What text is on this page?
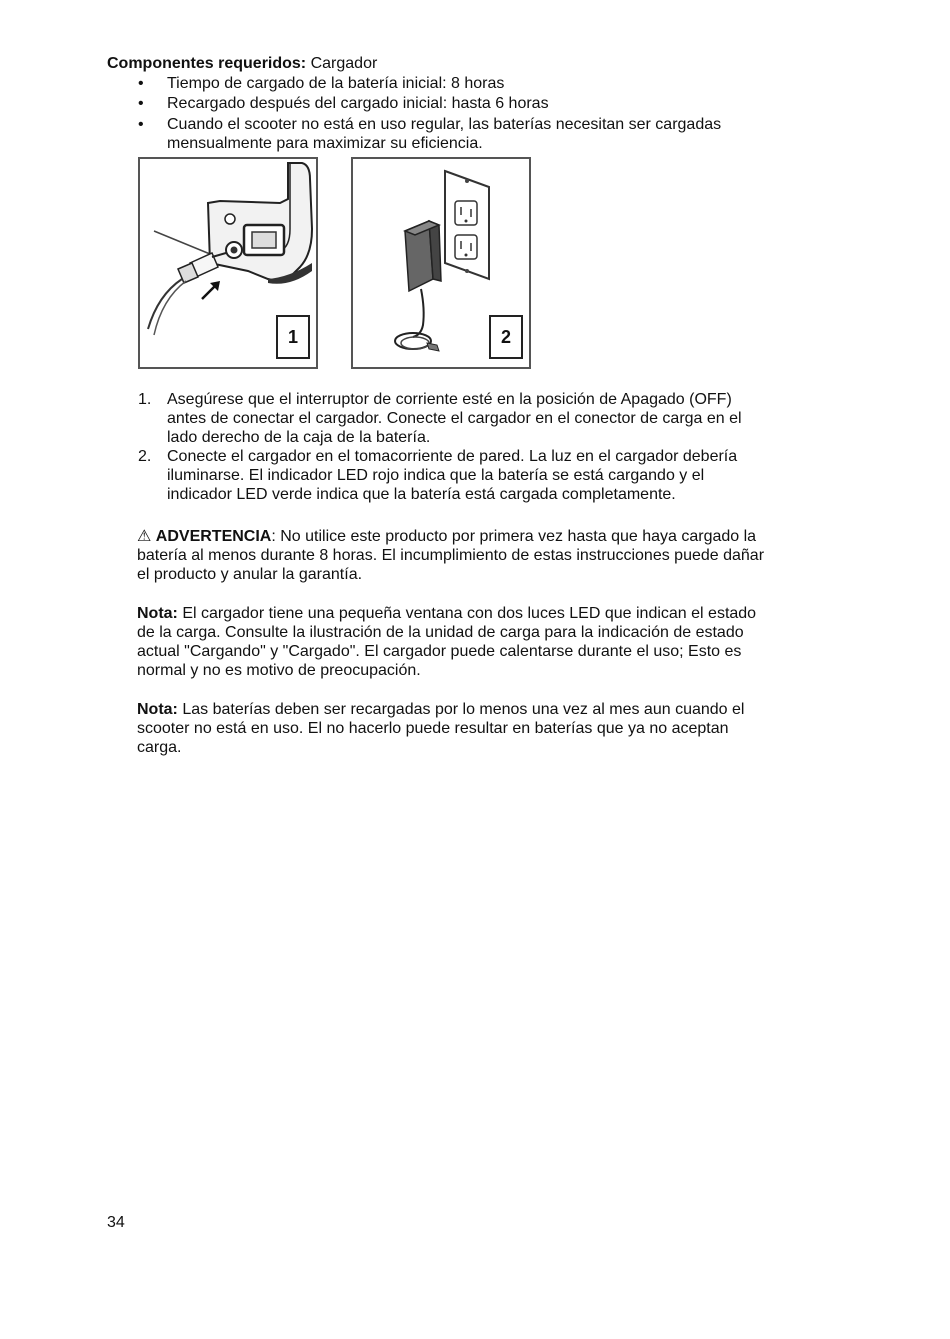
Componentes requeridos: Cargador
• Tiempo de cargado de la batería inicial: 8 horas
• Recargado después del cargado inicial: hasta 6 horas
• Cuando el scooter no está en uso regular, las baterías necesitan ser cargadas
mensualmente para maximizar su eficiencia.
1	2
1. Asegúrese que el interruptor de corriente esté en la posición de Apagado (OFF)
antes de conectar el cargador. Conecte el cargador en el conector de carga en el
lado derecho de la caja de la batería.
2. Conecte el cargador en el tomacorriente de pared. La luz en el cargador debería
iluminarse. El indicador LED rojo indica que la batería se está cargando y el
indicador LED verde indica que la batería está cargada completamente.
⚠ ADVERTENCIA: No utilice este producto por primera vez hasta que haya cargado la
batería al menos durante 8 horas. El incumplimiento de estas instrucciones puede dañar
el producto y anular la garantía.
Nota: El cargador tiene una pequeña ventana con dos luces LED que indican el estado
de la carga. Consulte la ilustración de la unidad de carga para la indicación de estado
actual "Cargando" y "Cargado". El cargador puede calentarse durante el uso; Esto es
normal y no es motivo de preocupación.
Nota: Las baterías deben ser recargadas por lo menos una vez al mes aun cuando el
scooter no está en uso. El no hacerlo puede resultar en baterías que ya no aceptan
carga.
34
